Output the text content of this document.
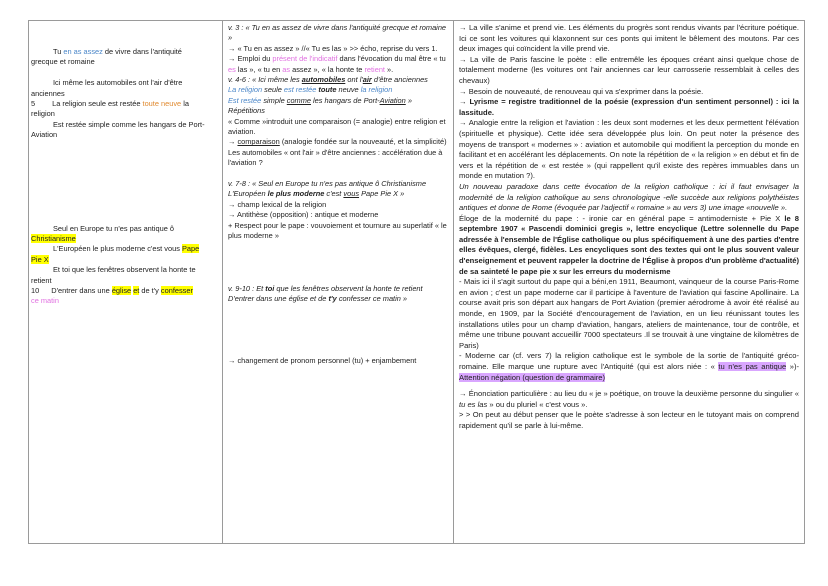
Tu en as assez de vivre dans l'antiquité
grecque et romaine
Ici même les automobiles ont l'air d'être
anciennes
5 La religion seule est restée toute neuve la
religion
Est restée simple comme les hangars de Port-
Aviation
Seul en Europe tu n'es pas antique ô
Christianisme
L'Européen le plus moderne c'est vous Pape
Pie X
Et toi que les fenêtres observent la honte te
retient
10 D'entrer dans une église et de t'y confesser
ce matin

v. 3 : « Tu en as assez de vivre dans l'antiquité grecque et romaine »

→ « Tu en as assez » //« Tu es las » >> écho, reprise du vers 1.

→ Emploi du présent de l'indicatif dans l'évocation du mal être « tu es las », « tu en as assez », « la honte te retient ».

v. 4-6 : « Ici même les automobiles ont l'air d'être anciennes

La religion seule est restée toute neuve la religion

Est restée simple comme les hangars de Port-Aviation »

Répétitions

« Comme »introduit une comparaison (= analogie) entre religion et aviation.

→ comparaison (analogie fondée sur la nouveauté, et la simplicité)

Les automobiles « ont l'air » d'être anciennes : accélération due à l'aviation ?

v. 7-8 : « Seul en Europe tu n'es pas antique ô Christianisme

L'Européen le plus moderne c'est vous Pape Pie X »

→ champ lexical de la religion

→ Antithèse (opposition) : antique et moderne

+ Respect pour le pape : vouvoiement et tournure au superlatif « le plus moderne »

v. 9-10 : Et toi que les fenêtres observent la honte te retient

D'entrer dans une église et de t'y confesser ce matin »

→ changement de pronom personnel (tu) + enjambement

→ La ville s'anime et prend vie. Les éléments du progrès sont rendus vivants par l'écriture poétique. Ici ce sont les voitures qui klaxonnent sur ces ponts qui imitent le bêlement des moutons. Par ces deux images qui coïncident la ville prend vie.

→ La ville de Paris fascine le poète : elle entremêle les époques créant ainsi quelque chose de totalement moderne (les voitures ont l'air anciennes car leur carrosserie ressemblait à celles des chevaux)

→ Besoin de nouveauté, de renouveau qui va s'exprimer dans la poésie.

→ Lyrisme = registre traditionnel de la poésie (expression d'un sentiment personnel) : ici la lassitude.

→ Analogie entre la religion et l'aviation : les deux sont modernes et les deux permettent l'élévation (spirituelle et physique). Cette idée sera développée plus loin. On peut noter la présence des moyens de transport « modernes » : aviation et automobile qui modifient la perception du monde en facilitant et en accélérant les déplacements. On note la répétition de « la religion » en début et fin de vers et la répétition de « est restée » (qui rappellent qu'il existe des repères immuables dans un monde en mutation ?).

Un nouveau paradoxe dans cette évocation de la religion catholique : ici il faut envisager la modernité de la religion catholique au sens chronologique -elle succède aux religions polythéistes antiques et donne de Rome (évoquée par l'adjectif « romaine » au vers 3) une image «nouvelle ».

Éloge de la modernité du pape : - ironie car en général pape = antimoderniste + Pie X le 8 septembre 1907 « Pascendi dominici gregis », lettre encyclique (Lettre solennelle du Pape adressée à l'ensemble de l'Église catholique ou plus spécifiquement à une des parties d'entre elles évêques, clergé, fidèles. Les encycliques sont des textes qui ont le plus souvent valeur d'enseignement et peuvent rappeler la doctrine de l'Église à propos d'un problème d'actualité) de sa sainteté le pape pie x sur les erreurs du modernisme

- Mais ici il s'agit surtout du pape qui a béni,en 1911, Beaumont, vainqueur de la course Paris-Rome en avion ; c'est un pape moderne car il participe à l'aventure de l'aviation qui fascine Apollinaire. La course avait pris son départ aux hangars de Port Aviation (premier aérodrome à avoir été réalisé au monde, en 1909, par la Société d'encouragement de l'aviation, en un lieu réunissant toutes les installations utiles pour un champ d'aviation, hangars, ateliers de maintenance, tour de contrôle, et même une tribune pouvant accueillir 7000 spectateurs .Il se trouvait à une vingtaine de kilomètres de Paris)

- Moderne car (cf. vers 7) la religion catholique est le symbole de la sortie de l'antiquité gréco-romaine. Elle marque une rupture avec l'Antiquité (qui est alors niée : « tu n'es pas antique »)- Attention négation (question de grammaire)

→ Énonciation particulière : au lieu du « je » poétique, on trouve la deuxième personne du singulier « tu es las » ou du pluriel « c'est vous ».

> > On peut au début penser que le poète s'adresse à son lecteur en le tutoyant mais on comprend rapidement qu'il se parle à lui-même.
